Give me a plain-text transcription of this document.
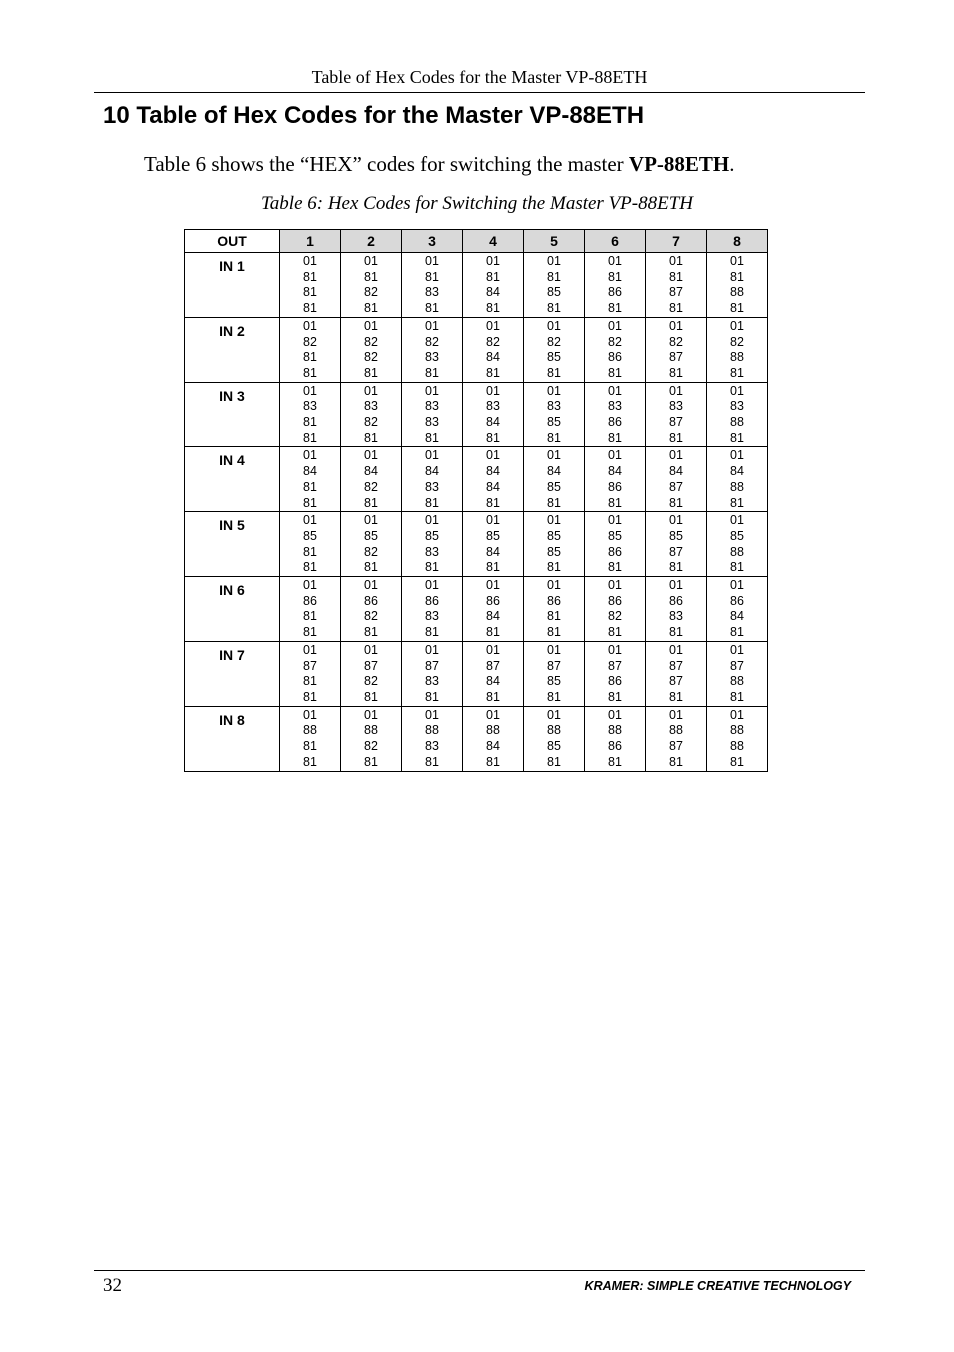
Table of Hex Codes for the Master VP-88ETH
10 Table of Hex Codes for the Master VP-88ETH

Table 6 shows the “HEX” codes for switching the master VP-88ETH.

Table 6: Hex Codes for Switching the Master VP-88ETH

OUT	1	2	3	4	5	6	7	8
IN 1	01
81
81
81	01
81
82
81	01
81
83
81	01
81
84
81	01
81
85
81	01
81
86
81	01
81
87
81	01
81
88
81

IN 2	01
82
81
81	01
82
82
81	01
82
83
81	01
82
84
81	01
82
85
81	01
82
86
81	01
82
87
81	01
82
88
81

IN 3	01
83
81
81	01
83
82
81	01
83
83
81	01
83
84
81	01
83
85
81	01
83
86
81	01
83
87
81	01
83
88
81

IN 4	01
84
81
81	01
84
82
81	01
84
83
81	01
84
84
81	01
84
85
81	01
84
86
81	01
84
87
81	01
84
88
81

IN 5	01
85
81
81	01
85
82
81	01
85
83
81	01
85
84
81	01
85
85
81	01
85
86
81	01
85
87
81	01
85
88
81

IN 6	01
86
81
81	01
86
82
81	01
86
83
81	01
86
84
81	01
86
81
81	01
86
82
81	01
86
83
81	01
86
84
81

IN 7	01
87
81
81	01
87
82
81	01
87
83
81	01
87
84
81	01
87
85
81	01
87
86
81	01
87
87
81	01
87
88
81

IN 8	01
88
81
81	01
88
82
81	01
88
83
81	01
88
84
81	01
88
85
81	01
88
86
81	01
88
87
81	01
88
88
81
32	KRAMER: SIMPLE CREATIVE TECHNOLOGY
